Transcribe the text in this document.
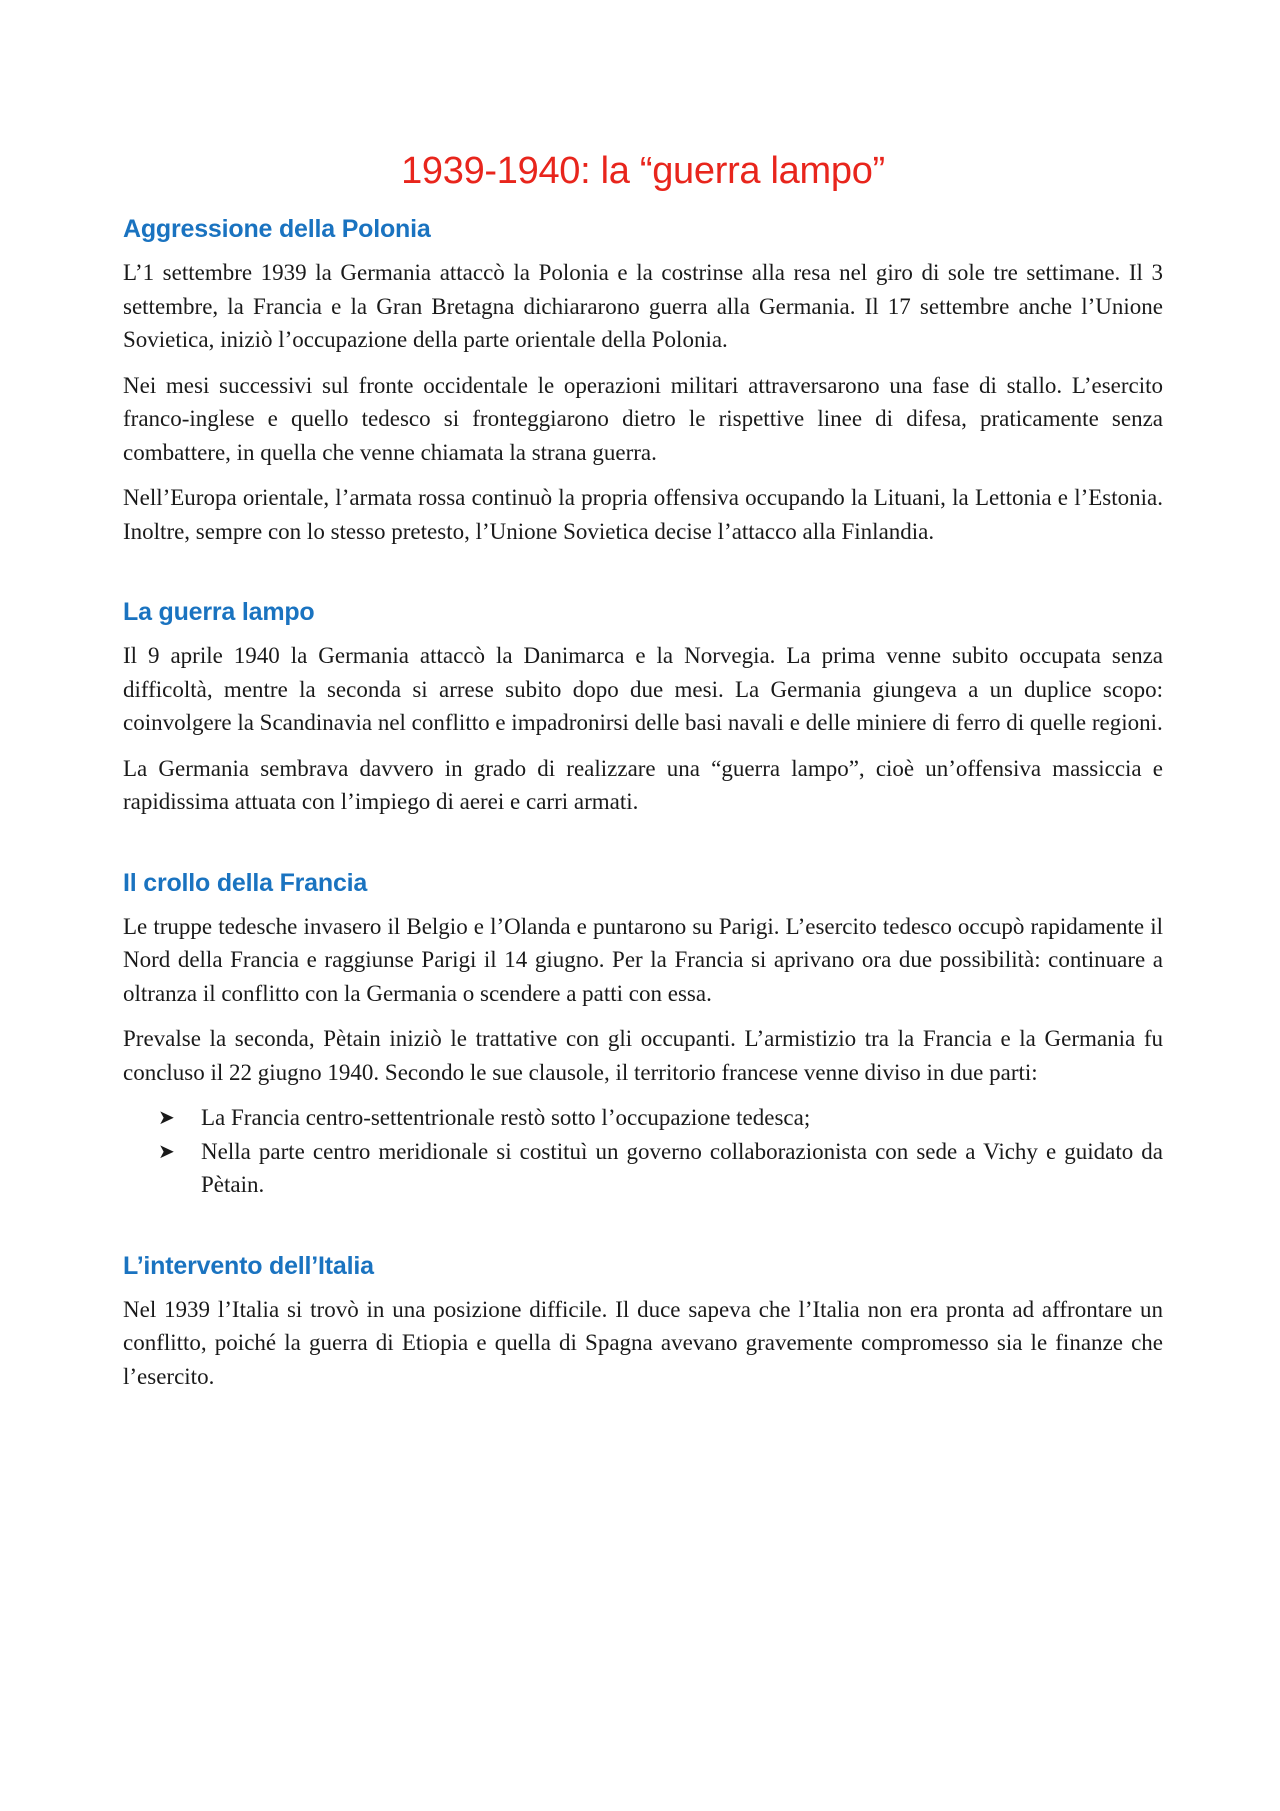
1939-1940: la “guerra lampo”
Aggressione della Polonia

L’1 settembre 1939 la Germania attaccò la Polonia e la costrinse alla resa nel giro di sole tre settimane. Il 3 settembre, la Francia e la Gran Bretagna dichiararono guerra alla Germania. Il 17 settembre anche l’Unione Sovietica, iniziò l’occupazione della parte orientale della Polonia.

Nei mesi successivi sul fronte occidentale le operazioni militari attraversarono una fase di stallo. L’esercito franco-inglese e quello tedesco si fronteggiarono dietro le rispettive linee di difesa, praticamente senza combattere, in quella che venne chiamata la strana guerra.

Nell’Europa orientale, l’armata rossa continuò la propria offensiva occupando la Lituani, la Lettonia e l’Estonia. Inoltre, sempre con lo stesso pretesto, l’Unione Sovietica decise l’attacco alla Finlandia.

La guerra lampo

Il 9 aprile 1940 la Germania attaccò la Danimarca e la Norvegia. La prima venne subito occupata senza difficoltà, mentre la seconda si arrese subito dopo due mesi. La Germania giungeva a un duplice scopo: coinvolgere la Scandinavia nel conflitto e impadronirsi delle basi navali e delle miniere di ferro di quelle regioni.

La Germania sembrava davvero in grado di realizzare una “guerra lampo”, cioè un’offensiva massiccia e rapidissima attuata con l’impiego di aerei e carri armati.

Il crollo della Francia

Le truppe tedesche invasero il Belgio e l’Olanda e puntarono su Parigi. L’esercito tedesco occupò rapidamente il Nord della Francia e raggiunse Parigi il 14 giugno. Per la Francia si aprivano ora due possibilità: continuare a oltranza il conflitto con la Germania o scendere a patti con essa.

Prevalse la seconda, Pètain iniziò le trattative con gli occupanti. L’armistizio tra la Francia e la Germania fu concluso il 22 giugno 1940. Secondo le sue clausole, il territorio francese venne diviso in due parti:

➤ La Francia centro-settentrionale restò sotto l’occupazione tedesca;
➤ Nella parte centro meridionale si costituì un governo collaborazionista con sede a Vichy e guidato da Pètain.
L’intervento dell’Italia

Nel 1939 l’Italia si trovò in una posizione difficile. Il duce sapeva che l’Italia non era pronta ad affrontare un conflitto, poiché la guerra di Etiopia e quella di Spagna avevano gravemente compromesso sia le finanze che l’esercito.
